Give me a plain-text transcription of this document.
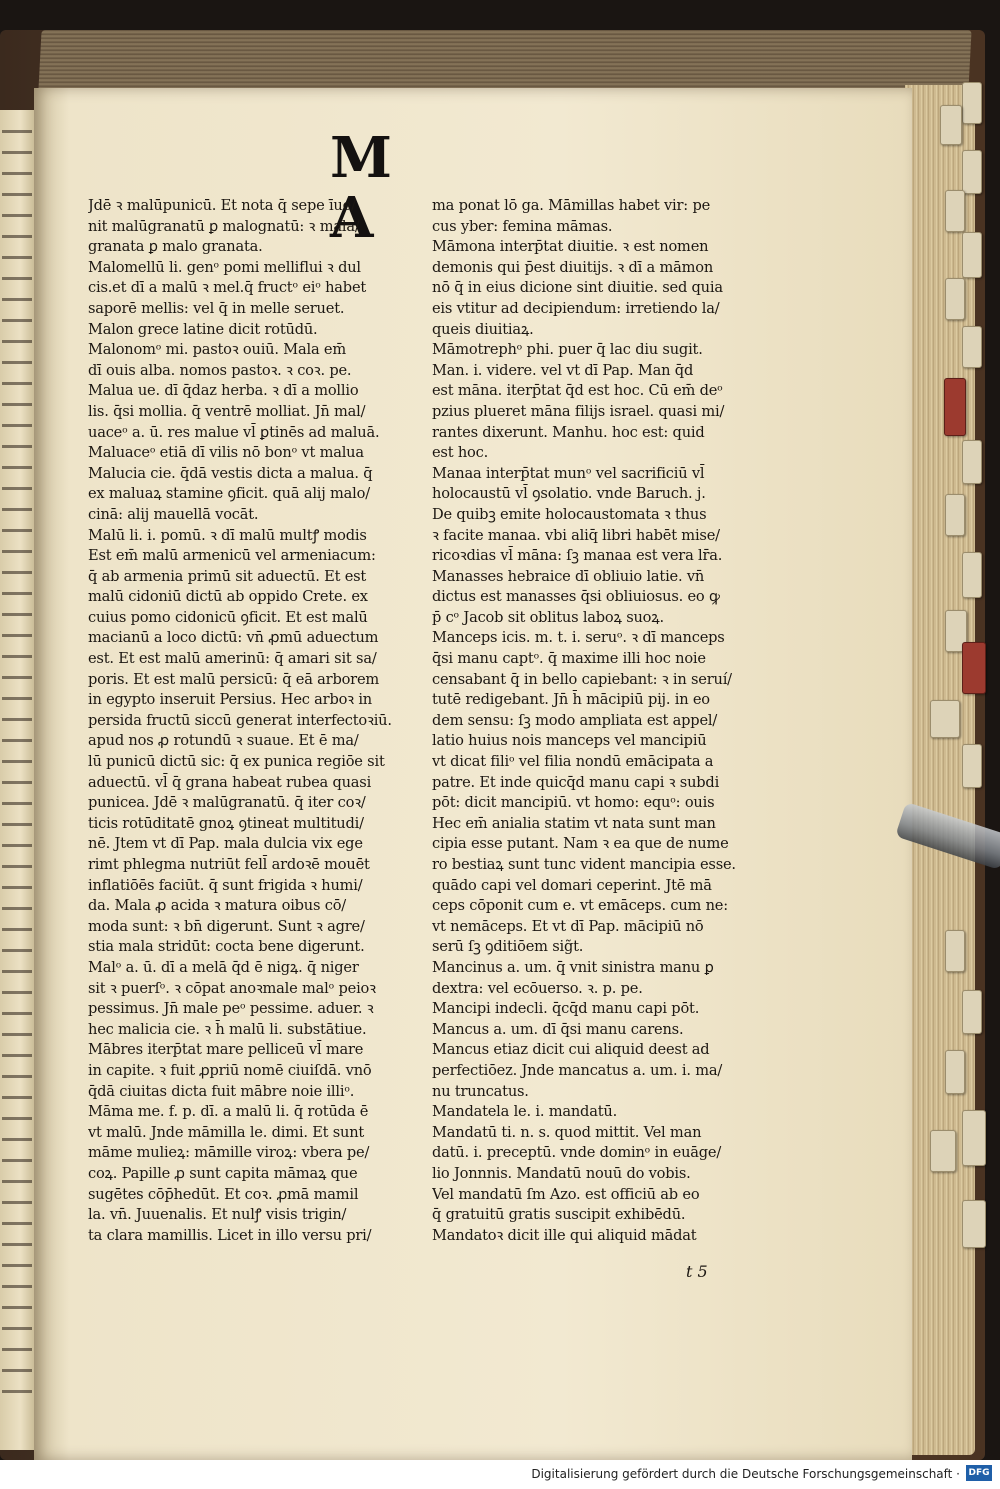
M A
Jdē ꝛ malūpunicū. Et nota q̄ sepe īue/
nit malūgranatū ꝑ malognatū: ꝛ mala/
granata ꝑ malo granata.
Malomellū li. genᵒ pomi melliflui ꝛ dul
cis.et dī a malū ꝛ mel.q̄ fructᵒ eiᵒ habet
saporē mellis: vel q̄ in melle seruet.
Malon grece latine dicit rotūdū.
Malonomᵒ mi. pastoꝛ ouiū. Mala em̄
dī ouis alba. nomos pastoꝛ. ꝛ coꝛ. pe.
Malua ue. dī q̄daz herba. ꝛ dī a mollio
lis. q̄si mollia. q̄ ventrē molliat. Jn̄ mal/
uaceᵒ a. ū. res malue vl̄ ꝑtinēs ad maluā.
Maluaceᵒ etiā dī vilis nō bonᵒ vt malua
Malucia cie. q̄dā vestis dicta a malua. q̄
ex maluaꝝ stamine ꝯficit. quā alij malo/
cinā: alij mauellā vocāt.
Malū li. i. pomū. ꝛ dī malū multꝭ modis
Est em̄ malū armenicū vel armeniacum:
q̄ ab armenia primū sit aduectū. Et est
malū cidoniū dictū ab oppido Crete. ex
cuius pomo cidonicū ꝯficit. Et est malū
macianū a loco dictū: vn̄ ꝓmū aduectum
est. Et est malū amerinū: q̄ amari sit sa/
poris. Et est malū persicū: q̄ eā arborem
in egypto inseruit Persius. Hec arboꝛ in
persida fructū siccū generat interfectoꝛiū.
apud nos ꝓ rotundū ꝛ suaue. Et ē ma/
lū punicū dictū sic: q̄ ex punica regiōe sit
aduectū. vl̄ q̄ grana habeat rubea quasi
punicea. Jdē ꝛ malūgranatū. q̄ iter coꝛ/
ticis rotūditatē gnoꝝ ꝯtineat multitudi/
nē. Jtem vt dī Pap. mala dulcia vix ege
rimt phlegma nutriūt fell̄ ardoꝛē mouēt
inflatiōēs faciūt. q̄ sunt frigida ꝛ humi/
da. Mala ꝓ acida ꝛ matura oibus cō/
moda sunt: ꝛ bn̄ digerunt. Sunt ꝛ agre/
stia mala stridūt: cocta bene digerunt.
Malᵒ a. ū. dī a melā q̄d ē nigꝝ. q̄ niger
sit ꝛ puerſᵒ. ꝛ cōpat anoꝛmale malᵒ peioꝛ
pessimus. Jn̄ male peᵒ pessime. aduer. ꝛ
hec malicia cie. ꝛ h̄ malū li. substātiue.
Mābres iterp̄tat mare pelliceū vl̄ mare
in capite. ꝛ fuit ꝓpriū nomē ciuiſdā. vnō
q̄dā ciuitas dicta fuit mābre noie illiᵒ.
Māma me. f. p. dī. a malū li. q̄ rotūda ē
vt malū. Jnde māmilla le. dimi. Et sunt
māme mulieꝝ: māmille viroꝝ: vbera pe/
coꝝ. Papille ꝓ sunt capita māmaꝝ que
sugētes cōp̄hedūt. Et coꝛ. ꝓmā mamil
la. vn̄. Juuenalis. Et nulꝭ visis trigin/
ta clara mamillis. Licet in illo versu pri/
ma ponat lō ga. Māmillas habet vir: pe
cus yber: femina māmas.
Māmona interp̄tat diuitie. ꝛ est nomen
demonis qui p̄est diuitijs. ꝛ dī a māmon
nō q̄ in eius dicione sint diuitie. sed quia
eis vtitur ad decipiendum: irretiendo la/
queis diuitiaꝝ.
Māmotrephᵒ phi. puer q̄ lac diu sugit.
Man. i. videre. vel vt dī Pap. Man q̄d
est māna. iterp̄tat q̄d est hoc. Cū em̄ deᵒ
pzius plueret māna filijs israel. quasi mi/
rantes dixerunt. Manhu. hoc est: quid
est hoc.
Manaa interp̄tat munᵒ vel sacrificiū vl̄
holocaustū vl̄ ꝯsolatio. vnde Baruch. j.
De quibꝫ emite holocaustomata ꝛ thus
ꝛ facite manaa. vbi aliq̄ libri habēt mise/
ricoꝛdias vl̄ māna: ſꝫ manaa est vera lr̄a.
Manasses hebraice dī obliuio latie. vn̄
dictus est manasses q̄si obliuiosus. eo ꝙ
p̄ cᵒ Jacob sit oblitus laboꝝ suoꝝ.
Manceps icis. m. t. i. seruᵒ. ꝛ dī manceps
q̄si manu captᵒ. q̄ maxime illi hoc noie
censabant q̄ in bello capiebant: ꝛ in seruí/
tutē redigebant. Jn̄ h̄ mācipiū pij. in eo
dem sensu: ſꝫ modo ampliata est appel/
latio huius nois manceps vel mancipiū
vt dicat filiᵒ vel filia nondū emācipata a
patre. Et inde quicq̄d manu capi ꝛ subdi
pōt: dicit mancipiū. vt homo: equᵒ: ouis
Hec em̄ anialia statim vt nata sunt man
cipia esse putant. Nam ꝛ ea que de nume
ro bestiaꝝ sunt tunc vident mancipia esse.
quādo capi vel domari ceperint. Jtē mā
ceps cōponit cum e. vt emāceps. cum ne:
vt nemāceps. Et vt dī Pap. mācipiū nō
serū ſꝫ ꝯditiōem sig̃t.
Mancinus a. um. q̄ vnit sinistra manu ꝑ
dextra: vel ecōuerso. ꝛ. p. pe.
Mancipi indecli. q̄cq̄d manu capi pōt.
Mancus a. um. dī q̄si manu carens.
Mancus etiaz dicit cui aliquid deest ad
perfectiōez. Jnde mancatus a. um. i. ma/
nu truncatus.
Mandatela le. i. mandatū.
Mandatū ti. n. s. quod mittit. Vel man
datū. i. preceptū. vnde dominᵒ in euāge/
lio Jonnnis. Mandatū nouū do vobis.
Vel mandatū ſm Azo. est officiū ab eo
q̄ gratuitū gratis suscipit exhibēdū.
Mandatoꝛ dicit ille qui aliquid mādat
t 5
Digitalisierung gefördert durch die Deutsche Forschungsgemeinschaft · DFG
